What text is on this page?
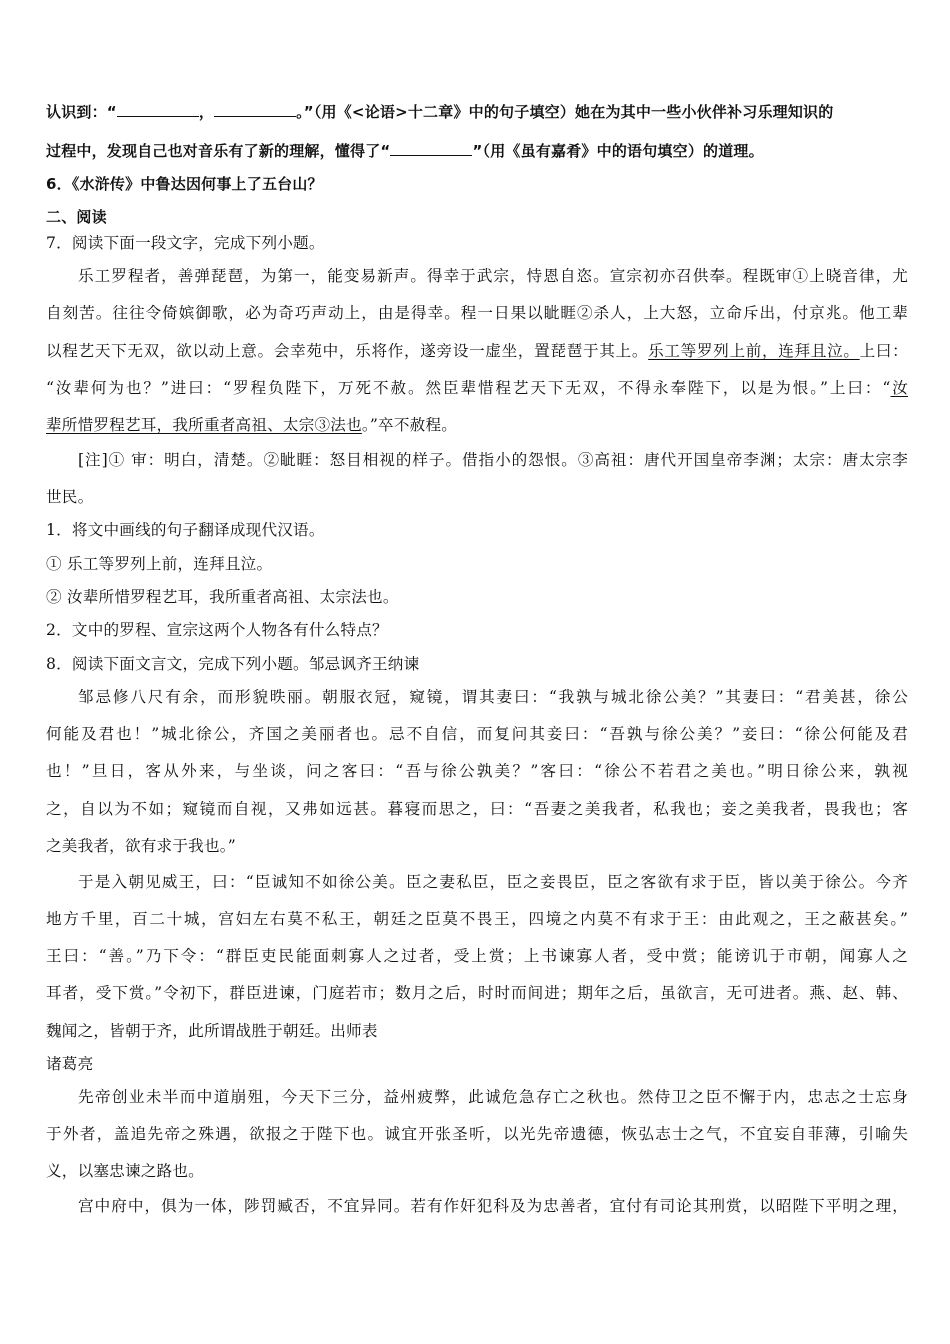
认识到：“	，	。”（用《<论语>十二章》中的句子填空）她在为其中一些小伙伴补习乐理知识的
过程中，发现自己也对音乐有了新的理解，懂得了“	”（用《虽有嘉肴》中的语句填空）的道理。
6．《水浒传》中鲁达因何事上了五台山？
二、阅读
7．阅读下面一段文字，完成下列小题。
乐工罗程者，善弹琵琶，为第一，能变易新声。得幸于武宗，恃恩自恣。宣宗初亦召供奉。程既审①上晓音律，尤
自刻苦。往往令倚嫔御歌，必为奇巧声动上，由是得幸。程一日果以眦睚②杀人，上大怒，立命斥出，付京兆。他工辈
以程艺天下无双，欲以动上意。会幸苑中，乐将作，遂旁设一虚坐，置琵琶于其上。乐工等罗列上前，连拜且泣。上曰：
“汝辈何为也？”进曰：“罗程负陛下，万死不赦。然臣辈惜程艺天下无双，不得永奉陛下，以是为恨。”上曰：“汝
辈所惜罗程艺耳，我所重者高祖、太宗③法也。”卒不赦程。
[注]① 审：明白，清楚。②眦睚：怒目相视的样子。借指小的怨恨。③高祖：唐代开国皇帝李渊；太宗：唐太宗李
世民。
1．将文中画线的句子翻译成现代汉语。
① 乐工等罗列上前，连拜且泣。
② 汝辈所惜罗程艺耳，我所重者高祖、太宗法也。
2．文中的罗程、宣宗这两个人物各有什么特点？
8．阅读下面文言文，完成下列小题。邹忌讽齐王纳谏
邹忌修八尺有余，而形貌昳丽。朝服衣冠，窥镜，谓其妻曰：“我孰与城北徐公美？”其妻曰：“君美甚，徐公
何能及君也！”城北徐公，齐国之美丽者也。忌不自信，而复问其妾曰：“吾孰与徐公美？”妾曰：“徐公何能及君
也！”旦日，客从外来，与坐谈，问之客曰：“吾与徐公孰美？”客曰：“徐公不若君之美也。”明日徐公来，孰视
之，自以为不如；窥镜而自视，又弗如远甚。暮寝而思之，曰：“吾妻之美我者，私我也；妾之美我者，畏我也；客
之美我者，欲有求于我也。”
于是入朝见威王，曰：“臣诚知不如徐公美。臣之妻私臣，臣之妾畏臣，臣之客欲有求于臣，皆以美于徐公。今齐
地方千里，百二十城，宫妇左右莫不私王，朝廷之臣莫不畏王，四境之内莫不有求于王：由此观之，王之蔽甚矣。”
王曰：“善。”乃下令：“群臣吏民能面刺寡人之过者，受上赏；上书谏寡人者，受中赏；能谤讥于市朝，闻寡人之
耳者，受下赏。”令初下，群臣进谏，门庭若市；数月之后，时时而间进；期年之后，虽欲言，无可进者。燕、赵、韩、
魏闻之，皆朝于齐，此所谓战胜于朝廷。出师表
诸葛亮
先帝创业未半而中道崩殂，今天下三分，益州疲弊，此诚危急存亡之秋也。然侍卫之臣不懈于内，忠志之士忘身
于外者，盖追先帝之殊遇，欲报之于陛下也。诚宜开张圣听，以光先帝遗德，恢弘志士之气，不宜妄自菲薄，引喻失
义，以塞忠谏之路也。
宫中府中，俱为一体，陟罚臧否，不宜异同。若有作奸犯科及为忠善者，宜付有司论其刑赏，以昭陛下平明之理，
